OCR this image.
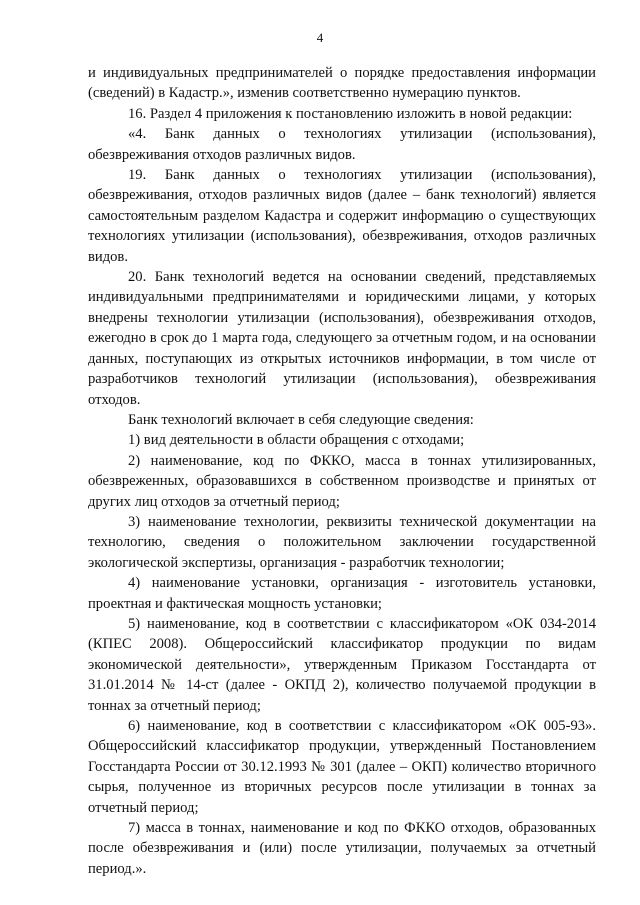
4

и индивидуальных предпринимателей о порядке предоставления информации (сведений) в Кадастр.», изменив соответственно нумерацию пунктов.

16. Раздел 4 приложения к постановлению изложить в новой редакции:

«4. Банк данных о технологиях утилизации (использования), обезвреживания отходов различных видов.

19. Банк данных о технологиях утилизации (использования), обезвреживания, отходов различных видов (далее – банк технологий) является самостоятельным разделом Кадастра и содержит информацию о существующих технологиях утилизации (использования), обезвреживания, отходов различных видов.

20. Банк технологий ведется на основании сведений, представляемых индивидуальными предпринимателями и юридическими лицами, у которых внедрены технологии утилизации (использования), обезвреживания отходов, ежегодно в срок до 1 марта года, следующего за отчетным годом, и на основании данных, поступающих из открытых источников информации, в том числе от разработчиков технологий утилизации (использования), обезвреживания отходов.

Банк технологий включает в себя следующие сведения:

1) вид деятельности в области обращения с отходами;

2) наименование, код по ФККО, масса в тоннах утилизированных, обезвреженных, образовавшихся в собственном производстве и принятых от других лиц отходов за отчетный период;

3) наименование технологии, реквизиты технической документации на технологию, сведения о положительном заключении государственной экологической экспертизы, организация - разработчик технологии;

4) наименование установки, организация - изготовитель установки, проектная и фактическая мощность установки;

5) наименование, код в соответствии с классификатором «ОК 034-2014 (КПЕС 2008). Общероссийский классификатор продукции по видам экономической деятельности», утвержденным Приказом Госстандарта от 31.01.2014 № 14-ст (далее - ОКПД 2), количество получаемой продукции в тоннах за отчетный период;

6) наименование, код в соответствии с классификатором «ОК 005-93». Общероссийский классификатор продукции, утвержденный Постановлением Госстандарта России от 30.12.1993 № 301 (далее – ОКП) количество вторичного сырья, полученное из вторичных ресурсов после утилизации в тоннах за отчетный период;

7) масса в тоннах, наименование и код по ФККО отходов, образованных после обезвреживания и (или) после утилизации, получаемых за отчетный период.».
